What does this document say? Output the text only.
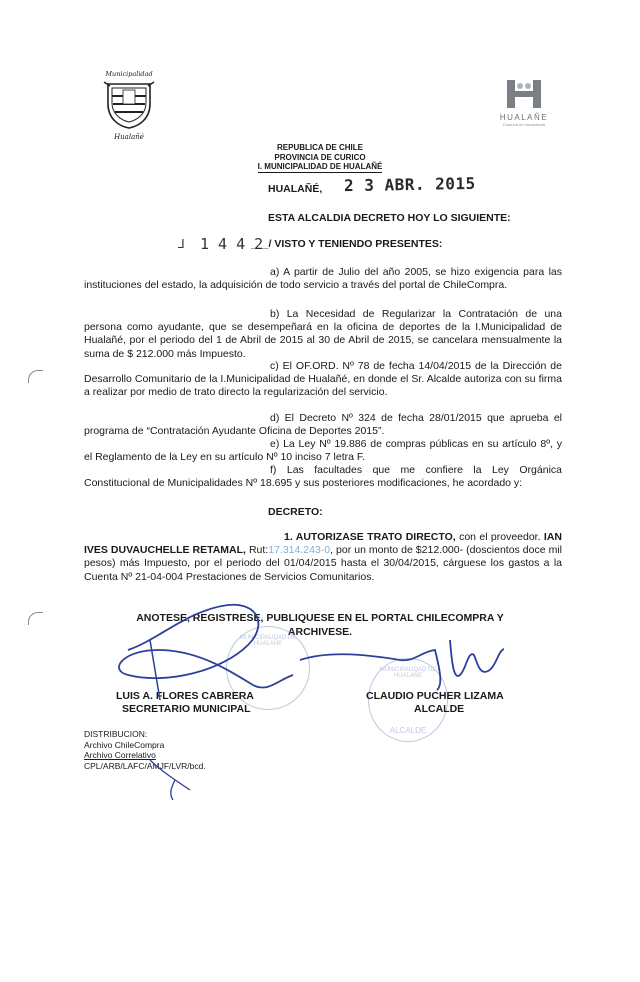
Municipalidad
Hualañé
HUALAÑE
Comuna en movimiento
REPUBLICA DE CHILE
PROVINCIA DE CURICO
I. MUNICIPALIDAD DE HUALAÑÉ
HUALAÑÉ, 2 3 ABR. 2015
ESTA ALCALDIA DECRETO HOY LO SIGUIENTE:
⅃ 1 4 4 2
___/ VISTO Y TENIENDO PRESENTES:
a) A partir de Julio del año 2005, se hizo exigencia para las instituciones del estado, la adquisición de todo servicio a través del portal de ChileCompra.
b) La Necesidad de Regularizar la Contratación de una persona como ayudante, que se desempeñará en la oficina de deportes de la I.Municipalidad de Hualañé, por el periodo del 1 de Abril de 2015 al 30 de Abril de 2015, se cancelara mensualmente la suma de $ 212.000 más Impuesto.
c) El OF.ORD. Nº 78 de fecha 14/04/2015 de la Dirección de Desarrollo Comunitario de la I.Municipalidad de Hualañé, en donde el Sr. Alcalde autoriza con su firma a realizar por medio de trato directo la regularización del servicio.
d) El Decreto Nº 324 de fecha 28/01/2015 que aprueba el programa de “Contratación Ayudante Oficina de Deportes 2015”.
e) La Ley Nº 19.886 de compras públicas en su artículo 8º, y el Reglamento de la Ley en su artículo Nº 10 inciso 7 letra F.
f) Las facultades que me confiere la Ley Orgánica Constitucional de Municipalidades Nº 18.695 y sus posteriores modificaciones, he acordado y:
DECRETO:
1. AUTORIZASE TRATO DIRECTO, con el proveedor. IAN IVES DUVAUCHELLE RETAMAL, Rut:17.314.243-0, por un monto de $212.000- (doscientos doce mil pesos) más Impuesto, por el periodo del 01/04/2015 hasta el 30/04/2015, cárguese los gastos a la Cuenta Nº 21-04-004 Prestaciones de Servicios Comunitarios.
ANOTESE, REGISTRESE, PUBLIQUESE EN EL PORTAL CHILECOMPRA Y
ARCHIVESE.
MUNICIPALIDAD DE HUALAÑE
MUNICIPALIDAD DE HUALAÑE
ALCALDE
LUIS A. FLORES CABRERA
SECRETARIO MUNICIPAL
CLAUDIO PUCHER LIZAMA
ALCALDE
DISTRIBUCION:
Archivo ChileCompra
Archivo Correlativo
CPL/ARB/LAFC/AMJF/LVR/bcd.
